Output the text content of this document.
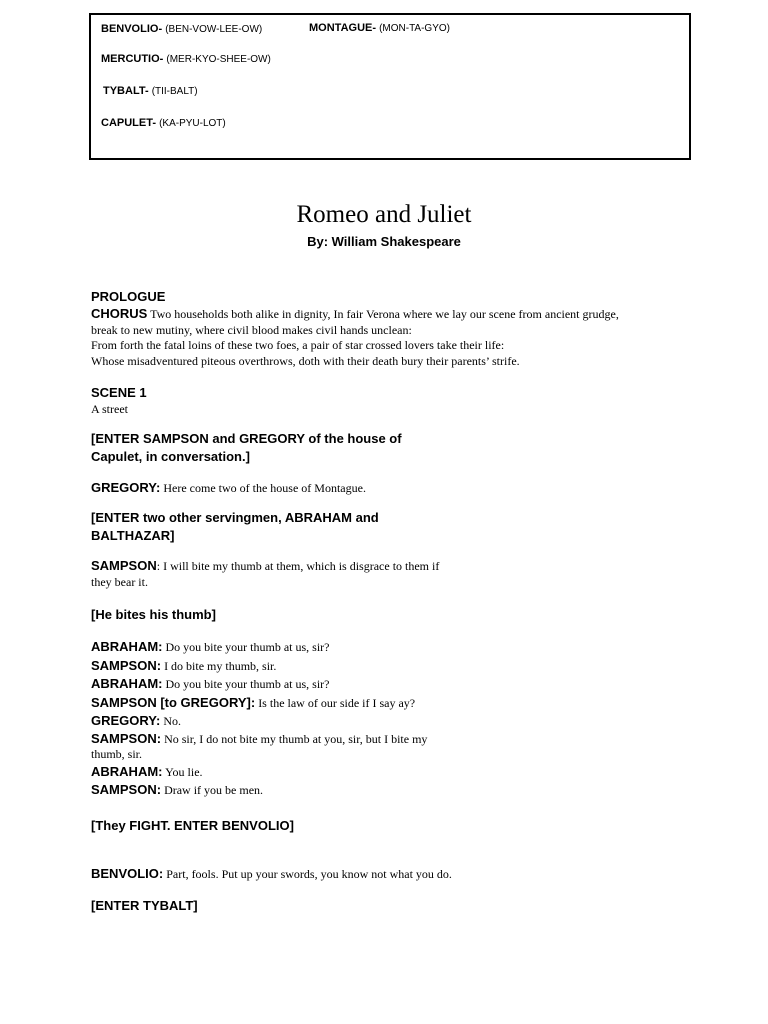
BENVOLIO- (BEN-VOW-LEE-OW)	MONTAGUE- (MON-TA-GYO)
MERCUTIO- (MER-KYO-SHEE-OW)
TYBALT- (TII-BALT)
CAPULET- (KA-PYU-LOT)
Romeo and Juliet
By: William Shakespeare
PROLOGUE
CHORUS Two households both alike in dignity, In fair Verona where we lay our scene from ancient grudge,
break to new mutiny, where civil blood makes civil hands unclean:
From forth the fatal loins of these two foes, a pair of star crossed lovers take their life:
Whose misadventured piteous overthrows, doth with their death bury their parents’ strife.
SCENE 1
A street
[ENTER SAMPSON and GREGORY of the house of Capulet, in conversation.]
GREGORY: Here come two of the house of Montague.
[ENTER two other servingmen, ABRAHAM and BALTHAZAR]
SAMPSON: I will bite my thumb at them, which is disgrace to them if they bear it.
[He bites his thumb]
ABRAHAM: Do you bite your thumb at us, sir?
SAMPSON: I do bite my thumb, sir.
ABRAHAM: Do you bite your thumb at us, sir?
SAMPSON [to GREGORY]: Is the law of our side if I say ay?
GREGORY: No.
SAMPSON: No sir, I do not bite my thumb at you, sir, but I bite my thumb, sir.
ABRAHAM: You lie.
SAMPSON: Draw if you be men.
[They FIGHT. ENTER BENVOLIO]
BENVOLIO: Part, fools. Put up your swords, you know not what you do.
[ENTER TYBALT]
